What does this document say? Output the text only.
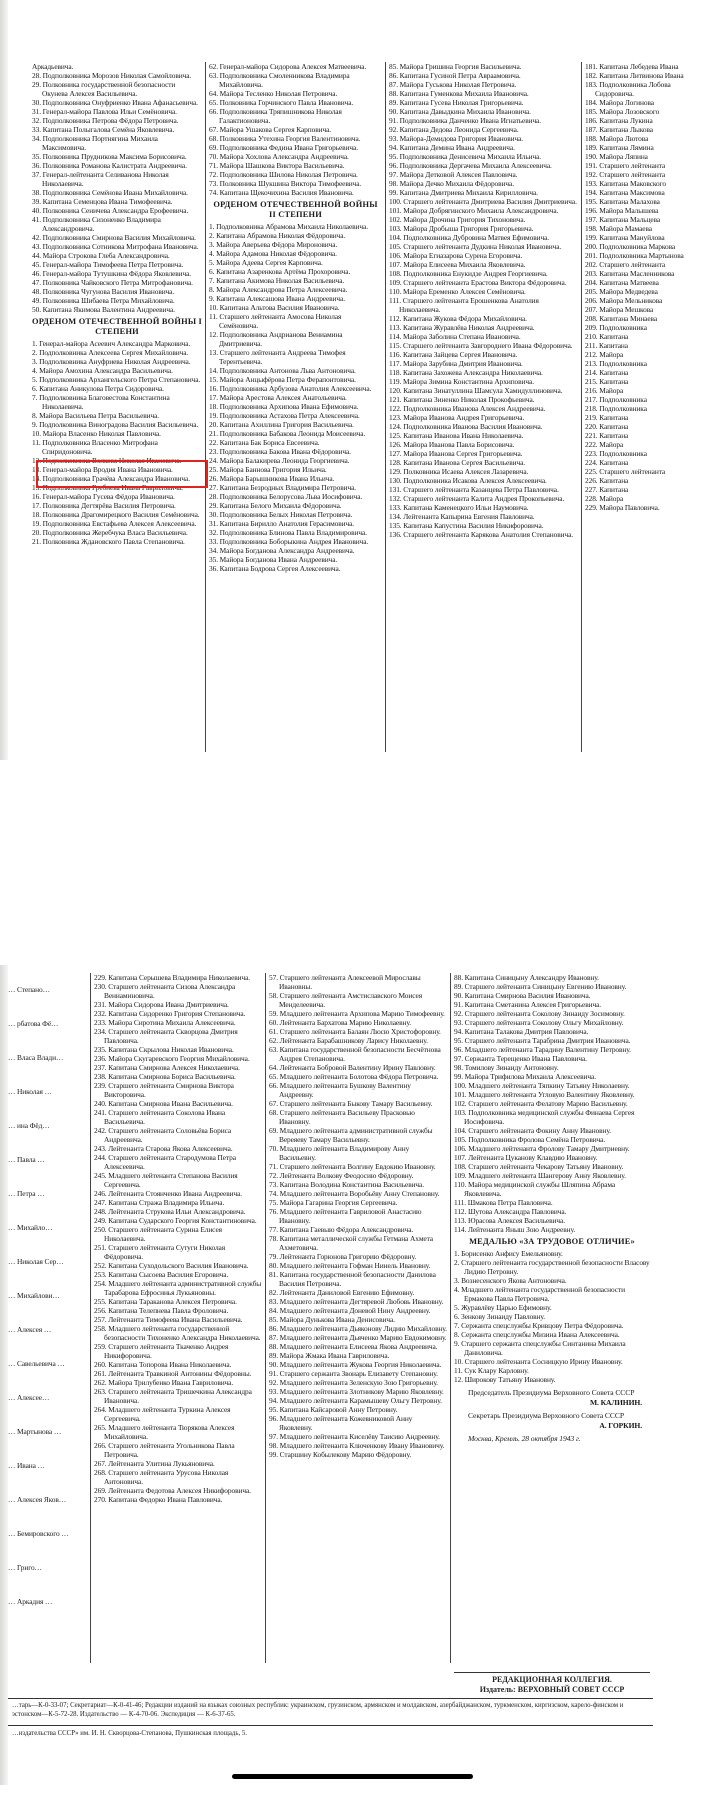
Аркадьевича.

28. Подполковника Морозов Николая Самойловича.

29. Полковника государственной безопасности Окунева Алексея Васильевича.

30. Подполковника Онуфриенко Ивана Афанасьевича.

31. Генерал-майора Павлова Ильи Семёновича.

32. Подполковника Петрова Фёдора Петровича.

33. Капитана Полыгалова Семёна Яковлевича.

34. Подполковника Портнягина Михаила Максимовича.

35. Полковника Прудникова Максима Борисовича.

36. Полковника Романова Калистрата Андреевича.

37. Генерал-лейтенанта Селиванова Николая Николаевича.

38. Подполковника Семёнова Ивана Михайловича.

39. Капитана Семенцова Ивана Тимофеевича.

40. Полковника Сеничева Александра Ерофеевича.

41. Подполковника Сизоненко Владимира Александровича.

42. Подполковника Смирнова Василия Михайловича.

43. Подполковника Сотникова Митрофана Ивановича.

44. Майора Строкова Глеба Александровича.

45. Генерал-майора Тимофеева Петра Петровича.

46. Генерал-майора Тутушкина Фёдора Яковлевича.

47. Полковника Чайковского Петра Митрофановича.

48. Полковника Чугунова Василия Ивановича.

49. Полковника Шибаева Петра Михайловича.

50. Капитана Якимова Валентина Андреевича.

ОРДЕНОМ ОТЕЧЕСТВЕННОЙ ВОЙНЫ I СТЕПЕНИ

1. Генерал-майора Асеевич Александра Марковича.

2. Подполковника Алексеева Сергея Михайловича.

3. Подполковника Ануфриева Николая Андреевича.

4. Майора Амохина Александра Васильевича.

5. Подполковника Архангельского Петра Степановича.

6. Капитана Аникулова Петра Сидоровича.

7. Подполковника Благовестова Константина Николаевича.

8. Майора Васильева Петра Васильевича.

9. Подполковника Виноградова Василия Васильевича.

10. Майора Власенко Николая Павловича.

11. Подполковника Власенко Митрофана Спиридоновича.

12. Подполковника Волкова Николая Ивановича.

13. Генерал-майора Вродия Ивана Ивановича.

14. Подполковника Грачёва Александра Ивановича.

15. Подполковника Гребнева Ивана Гавриловича.

16. Генерал-майора Гусева Фёдора Ивановича.

17. Полковника Дегтярёва Василия Петровича.

18. Полковника Драгомирецкого Василия Семёновича.

19. Подполковника Евстафьева Алексея Алексеевича.

20. Подполковника Жеребчука Власа Васильевича.

21. Полковника Ждановского Павла Степановича.

62. Генерал-майора Сидорова Алексея Матвеевича.

63. Подполковника Смоленникова Владимира Михайловича.

64. Майора Тесленко Николая Петровича.

65. Полковника Горчинского Павла Ивановича.

66. Подполковника Тряпишникова Николая Галактионовича.

67. Майора Ушакова Сергея Карповича.

68. Полковника Утехина Георгия Валентиновича.

69. Подполковника Федина Ивана Григорьевича.

70. Майора Хохлова Александра Андреевича.

71. Майора Шашкова Виктора Васильевича.

72. Подполковника Шилова Николая Петровича.

73. Полковника Шукшина Виктора Тимофеевича.

74. Капитана Щекочихина Василия Ивановича.

ОРДЕНОМ ОТЕЧЕСТВЕННОЙ ВОЙНЫ II СТЕПЕНИ

1. Подполковника Абрамова Михаила Николаевича.

2. Капитана Абрамова Николая Фёдоровича.

3. Майора Аверьева Фёдора Мироновича.

4. Майора Адамова Николая Фёдоровича.

5. Майора Адеева Сергея Карповича.

6. Капитана Азаренкова Артёма Прохоровича.

7. Капитана Акимова Николая Васильевича.

8. Майора Александрова Петра Алексеевича.

9. Капитана Алексашова Ивана Андреевича.

10. Капитана Альтова Василия Ивановича.

11. Старшего лейтенанта Амосова Николая Семёновича.

12. Подполковника Андрианова Вениамина Дмитриевича.

13. Старшего лейтенанта Андреева Тимофея Терентьевича.

14. Подполковника Антонова Льва Антоновича.

15. Майора Анцыфёрова Петра Ферапонтовича.

16. Подполковника Арбузова Анатолия Алексеевича.

17. Майора Арестова Алексея Анатольевича.

18. Подполковника Архипова Ивана Ефимовича.

19. Подполковника Астахова Петра Алексеевича.

20. Капитана Ахиллина Григория Васильевича.

21. Подполковника Бабакова Леонида Моисеевича.

22. Капитана Бак Бориса Евсеевича.

23. Подполковника Бакова Ивана Фёдоровича.

24. Майора Балакирева Леонида Георгиевича.

25. Майора Баннова Григория Ильича.

26. Майора Барышникова Ивана Ильича.

27. Капитана Безродных Владимира Петровича.

28. Подполковника Белорусова Льва Иосифовича.

29. Капитана Белого Михаила Фёдоровича.

30. Подполковника Белых Николая Петровича.

31. Капитана Бирилло Анатолия Герасимовича.

32. Подполковника Блинова Павла Владимировича.

33. Подполковника Боборыкина Андрея Ивановича.

34. Майора Богданова Александра Андреевича.

35. Майора Богданова Ивана Андреевича.

36. Капитана Бодрова Сергея Алексеевича.

85. Майора Гришина Георгия Васильевича.

86. Капитана Гусиной Петра Авраамовича.

87. Майора Гуськова Николая Петровича.

88. Капитана Гуменкова Михаила Ивановича.

89. Капитана Гусева Николая Григорьевича.

90. Капитана Давыдкина Михаила Ивановича.

91. Подполковника Данченко Ивана Игнатьевича.

92. Капитана Дедова Леонида Сергеевича.

93. Майора-Демидова Григория Ивановича.

94. Капитана Демина Ивана Андреевича.

95. Подполковника Денисевича Михаила Ильича.

96. Подполковника Дергачева Михаила Алексеевича.

97. Майора Детковой Алексея Павловича.

98. Майора Дечко Михаила Фёдоровича.

99. Капитана Дмитриева Михаила Кирилловича.

100. Старшего лейтенанта Дмитриева Василия Дмитриевича.

101. Майора Добрягинского Михаила Александровича.

102. Майора Дрочина Григория Тихоновича.

103. Майора Дробыша Григория Григорьевича.

104. Подполковника Дубровина Матвея Ефимовича.

105. Старшего лейтенанта Дудкина Николая Ивановича.

106. Майора Егиазарова Сурена Егоровича.

107. Майора Елисеева Михаила Яковлевича.

108. Подполковника Енукидзе Андрея Георгиевича.

109. Старшего лейтенанта Ерастова Виктора Фёдоровича.

110. Майора Еременко Алексея Семёновича.

111. Старшего лейтенанта Ерошенкова Анатолия Николаевича.

112. Капитана Жукова Фёдора Михайловича.

113. Капитана Журавлёва Николая Андреевича.

114. Майора Заболина Степана Ивановича.

115. Старшего лейтенанта Завгороднего Ивана Фёдоровича.

116. Капитана Зайцева Сергея Ивановича.

117. Майора Зарубина Дмитрия Ивановича.

118. Капитана Захожева Александра Николаевича.

119. Майора Зимина Константина Архиповича.

120. Капитана Зинатуллина Шамсула Хамидуллиновича.

121. Капитана Зиненко Николая Прокофьевича.

122. Подполковника Иванова Алексея Андреевича.

123. Майора Иванова Андрея Григорьевича.

124. Подполковника Иванова Василия Ивановича.

125. Капитана Иванова Ивана Николаевича.

126. Майора Иванова Павла Борисовича.

127. Майора Иванова Сергея Григорьевича.

128. Капитана Иванова Сергея Васильевича.

129. Полковника Исаева Алексея Лазаревича.

130. Подполковника Исакова Алексея Алексеевича.

131. Старшего лейтенанта Казанцева Петра Павловича.

132. Старшего лейтенанта Калита Андрея Прокопьевича.

133. Капитана Каменецкого Ильи Наумовича.

134. Лейтенанта Капырина Евгения Павловича.

135. Капитана Капустина Василия Никифоровича.

136. Старшего лейтенанта Карякова Анатолия Степановича.

181. Капитана Лебедева Ивана

182. Капитана Литвинова Ивана

183. Подполковника Лобова Сидоровича.

184. Майора Логинова

185. Майора Лозовского

186. Капитана Лукина

187. Капитана Лыкова

188. Майора Лютова

189. Капитана Лямина

190. Майора Ляпина

191. Старшего лейтенанта

192. Старшего лейтенанта

193. Капитана Маковского

194. Капитана Максимова

195. Капитана Малахова

196. Майора Малышева

197. Капитана Мальцева

198. Майора Мамаева

199. Капитана Мануйлова

200. Подполковника Маркова

201. Подполковника Мартынова

202. Старшего лейтенанта

203. Капитана Масленникова

204. Капитана Матвеева

205. Майора Медведева

206. Майора Мельникова

207. Майора Мешкова

208. Капитана Минаева

209. Подполковника

210. Капитана

211. Капитана

212. Майора

213. Подполковника

214. Капитана

215. Капитана

216. Майора

217. Подполковника

218. Подполковника

219. Капитана

220. Капитана

221. Капитана

222. Майора

223. Подполковника

224. Капитана

225. Старшего лейтенанта

226. Капитана

227. Капитана

228. Майора

229. Майора Павловича.

… Степано…

… рбатова Фё…

… Власа Влади…

… Николая …

… ина Фёд…

… Павла …

… Петра …

… Михайло…

… Николая Сер…

… Михайлови…

… Алексея …

… Савельевича …

… Алексее…

… Мартынова …

… Ивана …

… Алексея Яков…

… Бемировского …

… Григо…

… Аркадия …

229. Капитана Серышева Владимира Николаевича.

230. Старшего лейтенанта Сизова Александра Вениаминовича.

231. Майора Сидорова Ивана Дмитриевича.

232. Капитана Сидоренко Григория Степановича.

233. Майора Сиротина Михаила Алексеевича.

234. Старшего лейтенанта Скворцова Дмитрия Павловича.

235. Капитана Скрылова Николая Ивановича.

236. Майора Скугаревского Георгия Михайловича.

237. Капитана Смирнова Алексея Николаевича.

238. Капитана Смирнова Бориса Васильевича.

239. Старшего лейтенанта Смирнова Виктора Викторовича.

240. Капитана Смирнова Ивана Васильевича.

241. Старшего лейтенанта Соколова Ивана Васильевича.

242. Старшего лейтенанта Соловьёва Бориса Андреевича.

243. Лейтенанта Старова Якова Алексеевича.

244. Старшего лейтенанта Стародумова Петра Алексеевича.

245. Младшего лейтенанта Степанова Василия Сергеевича.

246. Лейтенанта Стоянченко Ивана Андреевича.

247. Капитана Стража Владимира Ильича.

248. Лейтенанта Струкова Ильи Александровича.

249. Капитана Сударского Георгия Константиновича.

250. Старшего лейтенанта Сурина Елисея Николаевича.

251. Старшего лейтенанта Сутуги Николая Фёдоровича.

252. Капитана Суходольского Василия Ивановича.

253. Капитана Сысоева Василия Егоровича.

254. Младшего лейтенанта административной службы Тарабарова Ефросинья Лукьяновны.

255. Капитана Тараканова Алексея Петровича.

256. Капитана Телепнева Павла Фроловича.

257. Лейтенанта Тимофеева Ивана Васильевича.

258. Младшего лейтенанта государственной безопасности Тихоненко Александра Николаевича.

259. Старшего лейтенанта Ткаченко Андрея Никифоровича.

260. Капитана Топорова Ивана Николаевича.

261. Лейтенанта Травкиной Антонины Фёдоровны.

262. Майора Трилубенко Ивана Гавриловича.

263. Старшего лейтенанта Тришечкина Александра Ивановича.

264. Младшего лейтенанта Туркина Алексея Сергеевича.

265. Младшего лейтенанта Тюрякова Алексея Михайловича.

266. Старшего лейтенанта Угольникова Павла Петровича.

267. Лейтенанта Улитина Лукьяновича.

268. Старшего лейтенанта Урусова Николая Антоновича.

269. Лейтенанта Федотова Алексея Никифоровича.

270. Капитана Федорко Ивана Павловича.

57. Старшего лейтенанта Алексеевой Мирославы Ивановны.

58. Старшего лейтенанта Амстиславского Моисея Менделеевича.

59. Младшего лейтенанта Архипова Марию Тимофеевну.

60. Лейтенанта Бархатова Марию Николаевну.

61. Старшего лейтенанта Балаян Люсю Христофоровну.

62. Лейтенанта Барабашникову Ларису Николаевну.

63. Капитана государственной безопасности Бесчётнова Андрея Степановича.

64. Лейтенанта Бобровой Валентину Ирину Павловну.

65. Младшего лейтенанта Болотова Фёдора Петровича.

66. Младшего лейтенанта Бушкову Валентину Андреевну.

67. Старшего лейтенанта Быкову Тамару Васильевну.

68. Старшего лейтенанта Васильеву Прасковью Ивановну.

69. Младшего лейтенанта административной службы Вереяеву Тамару Васильевну.

70. Младшего лейтенанта Владимирову Анну Васильевну.

71. Старшего лейтенанта Волгину Евдокию Ивановну.

72. Лейтенанта Волкову Феодосию Фёдоровну.

73. Капитана Володина Константина Васильевича.

74. Младшего лейтенанта Воробьёву Анну Степановну.

75. Майора Гагарина Георгия Сергеевича.

76. Младшего лейтенанта Гавриловой Анастасию Ивановну.

77. Капитана Гаевыю Фёдора Александровича.

78. Капитана металлической службы Гетмана Ахмета Ахметовича.

79. Лейтенанта Горюнова Григорию Фёдоровну.

80. Младшего лейтенанта Гофман Нинель Ивановну.

81. Капитана государственной безопасности Данилова Василия Петровича.

82. Лейтенанта Даниловой Евгению Ефимовну.

83. Младшего лейтенанта Дегтяревой Любовь Ивановну.

84. Младшего лейтенанта Доневой Нину Андреевну.

85. Майора Дунькова Ивана Денисовича.

86. Младшего лейтенанта Дьяконову Лидию Михайловну.

87. Младшего лейтенанта Дьяченко Марию Евдокимовну.

88. Младшего лейтенанта Елисеева Якова Андреевича.

89. Майора Жмака Ивана Гавриловича.

90. Младшего лейтенанта Жукова Георгия Николаевича.

91. Старшего сержанта Звонарь Елизавету Степановну.

92. Младшего лейтенанта Зеленскую Зою Григорьевну.

93. Младшего лейтенанта Злотникову Марию Яковлевну.

94. Младшего лейтенанта Карамышеву Ольгу Петровну.

95. Капитана Кайсаровой Анну Петровну.

96. Младшего лейтенанта Кожевниковой Анну Яковлевну.

97. Младшего лейтенанта Киселёву Таисию Андреевну.

98. Младшего лейтенанта Ключенкову Ивану Ивановичу.

99. Старшину Кобылекову Марию Фёдоровну.

88. Капитана Синицыну Александру Ивановну.

89. Старшего лейтенанта Синицыну Евгению Ивановну.

90. Капитана Смирнова Василия Ивановича.

91. Капитана Сметанина Алексея Григорьевича.

92. Старшего лейтенанта Соколову Зинаиду Зосимовну.

93. Старшего лейтенанта Соколову Ольгу Михайловну.

94. Капитана Талакова Дмитрия Павловича.

95. Старшего лейтенанта Тарабрина Дмитрия Ивановича.

96. Младшего лейтенанта Тарадину Валентину Петровну.

97. Сержанта Терещенко Ивана Павловича.

98. Томилову Зинаиду Антоновну.

99. Майора Трифилова Михаила Алексеевича.

100. Младшего лейтенанта Тяпкину Татьяну Николаевну.

101. Младшего лейтенанта Угловую Валентину Яковлевну.

102. Старшего лейтенанта Фелатову Марию Васильевну.

103. Подполковника медицинской службы Финаева Сергея Иосифовича.

104. Старшего лейтенанта Фокину Анну Ивановну.

105. Подполковника Фролова Семёна Петровича.

106. Младшего лейтенанта Фролову Тамару Дмитриевну.

107. Лейтенанта Цуканову Клавдию Ивановну.

108. Старшего лейтенанта Чекарову Татьяну Ивановну.

109. Младшего лейтенанта Шангерову Анну Яковлевну.

110. Майора медицинской службы Шляпина Абрама Яковлевича.

111. Шмакова Петра Павловича.

112. Шутова Александра Павловича.

113. Юрасова Алексея Васильевича.

114. Лейтенанта Яныш Зою Андреевну.

МЕДАЛЬЮ «ЗА ТРУДОВОЕ ОТЛИЧИЕ»

1. Борисенко Анфису Емельяновну.

2. Старшего лейтенанта государственной безопасности Власову Лидию Петровну.

3. Вознесенского Якова Антоновича.

4. Младшего лейтенанта государственной безопасности Ермакова Павла Петровича.

5. Журавлёву Царью Ефимовну.

6. Зенкову Зинаиду Павловну.

7. Сержанта спецслужбы Кривцову Петра Фёдоровича.

8. Сержанта спецслужбы Мизина Ивана Алексеевича.

9. Старшего сержанта спецслужбы Синтанина Михаила Даниловича.

10. Старшего лейтенанта Сосницкую Ирину Ивановну.

11. Сук Клару Карловну.

12. Широкову Татьяну Ивановну.

Председатель Президиума Верховного Совета СССР
М. КАЛИНИН.
Секретарь Президиума Верховного Совета СССР
А. ГОРКИН.
Москва, Кремль. 28 октября 1943 г.
РЕДАКЦИОННАЯ КОЛЛЕГИЯ.
Издатель: ВЕРХОВНЫЙ СОВЕТ СССР
…тарь—К-0-33-07; Секретариат—К-0-41-46; Редакции изданий на языках союзных республик: украинском, грузинском, армянском и молдавском, азербайджанском, туркменском, киргизском, карело-финском и эстонском—К-5-72-28. Издательство — К-4-70-06. Экспедиция — К-6-37-65.
…издательства СССР» им. И. Н. Скворцова-Степанова, Пушкинская площадь, 5.
